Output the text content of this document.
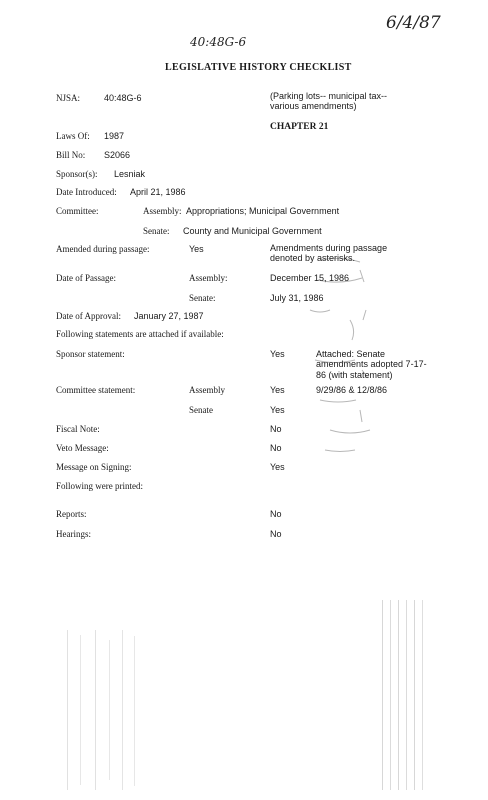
6/4/87
40:48G-6
LEGISLATIVE HISTORY CHECKLIST
NJSA:	40:48G-6	(Parking lots-- municipal tax-- various amendments)
CHAPTER 21
Laws Of: 1987
Bill No: S2066
Sponsor(s): Lesniak
Date Introduced: April 21, 1986
Committee:	Assembly: Appropriations; Municipal Government
Senate: County and Municipal Government
Amended during passage:	Yes	Amendments during passage denoted by asterisks.
Date of Passage:	Assembly:	December 15, 1986
Senate:	July 31, 1986
Date of Approval: January 27, 1987
Following statements are attached if available:
Sponsor statement:	Yes	Attached: Senate amendments adopted 7-17-86 (with statement)
Committee statement:	Assembly	Yes	9/29/86 & 12/8/86
Senate	Yes
Fiscal Note:	No
Veto Message:	No
Message on Signing:	Yes
Following were printed:
Reports:	No
Hearings:	No
